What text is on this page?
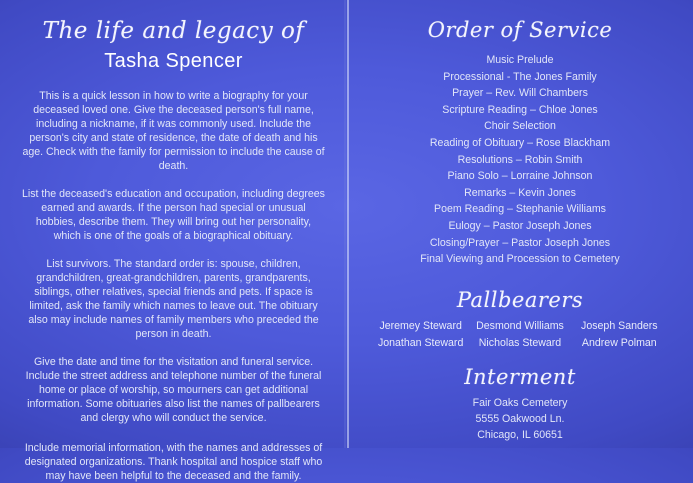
The life and legacy of
Tasha Spencer

This is a quick lesson in how to write a biography for your deceased loved one. Give the deceased person's full name, including a nickname, if it was commonly used. Include the person's city and state of residence, the date of death and his age. Check with the family for permission to include the cause of death.

List the deceased's education and occupation, including degrees earned and awards. If the person had special or unusual hobbies, describe them. They will bring out her personality, which is one of the goals of a biographical obituary.

List survivors. The standard order is: spouse, children, grandchildren, great-grandchildren, parents, grandparents, siblings, other relatives, special friends and pets. If space is limited, ask the family which names to leave out. The obituary also may include names of family members who preceded the person in death.

Give the date and time for the visitation and funeral service. Include the street address and telephone number of the funeral home or place of worship, so mourners can get additional information. Some obituaries also list the names of pallbearers and clergy who will conduct the service.

Include memorial information, with the names and addresses of designated organizations. Thank hospital and hospice staff who may have been helpful to the deceased and the family.

Order of Service
Music Prelude
Processional - The Jones Family
Prayer – Rev. Will Chambers
Scripture Reading – Chloe Jones
Choir Selection
Reading of Obituary – Rose Blackham
Resolutions – Robin Smith
Piano Solo – Lorraine Johnson
Remarks – Kevin Jones
Poem Reading – Stephanie Williams
Eulogy – Pastor Joseph Jones
Closing/Prayer – Pastor Joseph Jones
Final Viewing and Procession to Cemetery
Pallbearers
Jeremey Steward	Desmond Williams	Joseph Sanders
Jonathan Steward	Nicholas Steward	Andrew Polman
Interment
Fair Oaks Cemetery
5555 Oakwood Ln.
Chicago, IL 60651
